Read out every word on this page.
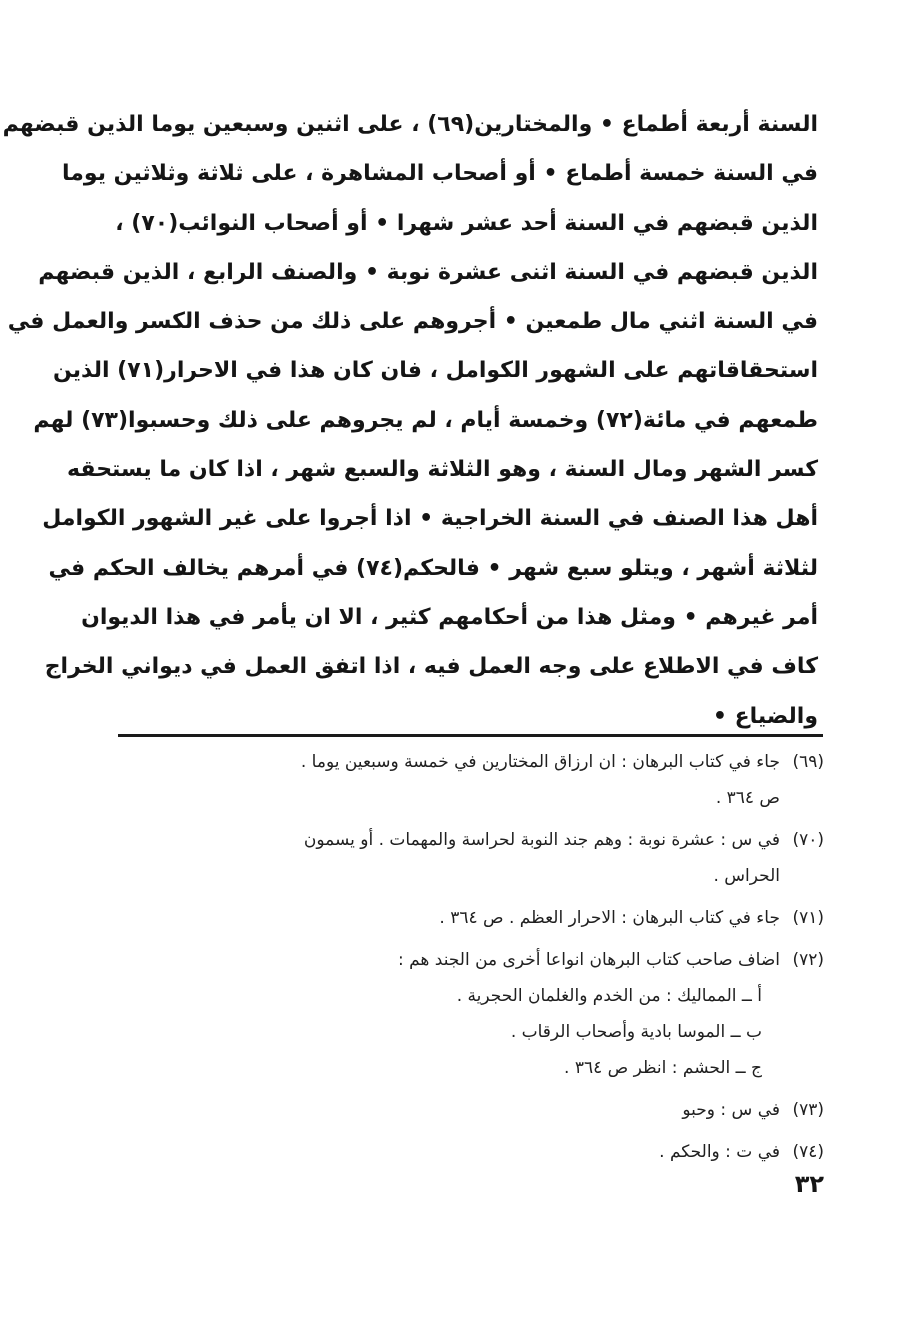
السنة أربعة أطماع • والمختارين(٦٩) ، على اثنين وسبعين يوما الذين قبضهم
في السنة خمسة أطماع • أو أصحاب المشاهرة ، على ثلاثة وثلاثين يوما
الذين قبضهم في السنة أحد عشر شهرا • أو أصحاب النوائب(٧٠) ،
الذين قبضهم في السنة اثنى عشرة نوبة • والصنف الرابع ، الذين قبضهم
في السنة اثني مال طمعين • أجروهم على ذلك من حذف الكسر والعمل في
استحقاقاتهم على الشهور الكوامل ، فان كان هذا في الاحرار(٧١) الذين
طمعهم في مائة(٧٢) وخمسة أيام ، لم يجروهم على ذلك وحسبوا(٧٣) لهم
كسر الشهر ومال السنة ، وهو الثلاثة والسبع شهر ، اذا كان ما يستحقه
أهل هذا الصنف في السنة الخراجية • اذا أجروا على غير الشهور الكوامل
لثلاثة أشهر ، ويتلو سبع شهر • فالحكم(٧٤) في أمرهم يخالف الحكم في
أمر غيرهم • ومثل هذا من أحكامهم كثير ، الا ان يأمر في هذا الديوان
كاف في الاطلاع على وجه العمل فيه ، اذا اتفق العمل في ديواني الخراج
والضياع •
(٦٩)
جاء في كتاب البرهان : ان ارزاق المختارين في خمسة وسبعين يوما .
ص ٣٦٤ .
(٧٠)
في س : عشرة نوبة : وهم جند النوبة لحراسة والمهمات . أو يسمون
الحراس .
(٧١)
جاء في كتاب البرهان : الاحرار العظم . ص ٣٦٤ .
(٧٢)
اضاف صاحب كتاب البرهان انواعا أخرى من الجند هم :
أ ــ المماليك : من الخدم والغلمان الحجرية .
ب ــ الموسا بادية وأصحاب الرقاب .
ج ــ الحشم : انظر ص ٣٦٤ .
(٧٣)
في س : وحبو
(٧٤)
في ت : والحكم .
٣٢
